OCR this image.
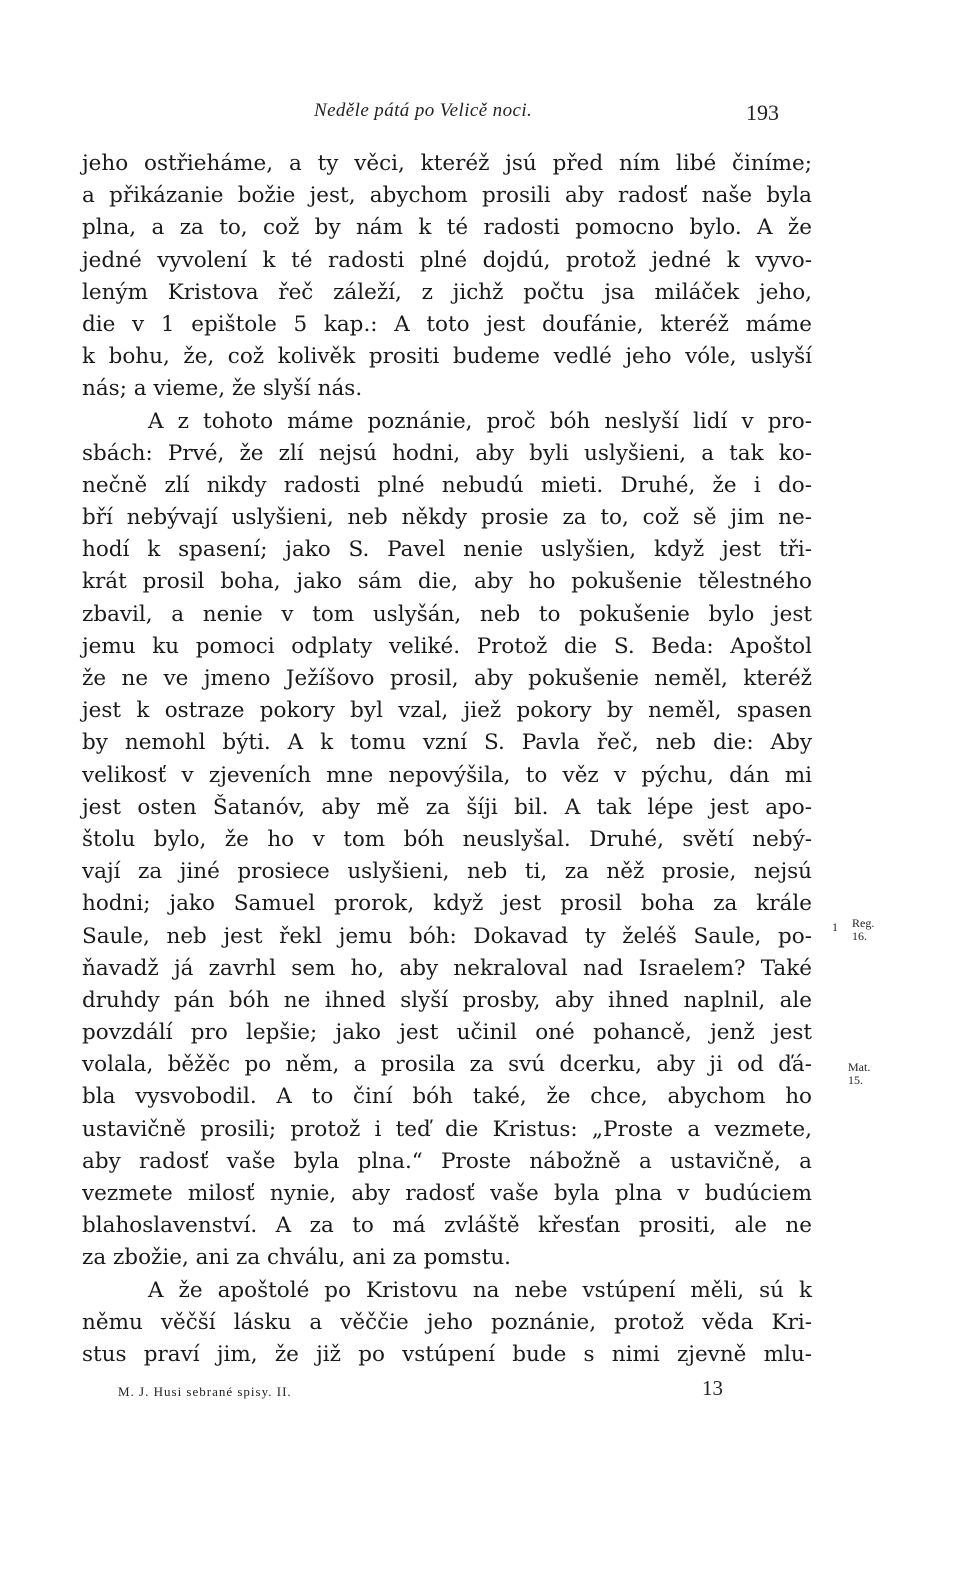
Neděle pátá po Velicě noci.	193
jeho ostřieháme, a ty věci, kteréž jsú před ním libé činíme;
a přikázanie božie jest, abychom prosili aby radosť naše byla
plna, a za to, což by nám k té radosti pomocno bylo. A že
jedné vyvolení k té radosti plné dojdú, protož jedné k vyvo-
leným Kristova řeč záleží, z jichž počtu jsa miláček jeho,
die v 1 epištole 5 kap.: A toto jest doufánie, kteréž máme
k bohu, že, což kolivěk prositi budeme vedlé jeho vóle, uslyší
nás; a vieme, že slyší nás.
A z tohoto máme poznánie, proč bóh neslyší lidí v pro-
sbách: Prvé, že zlí nejsú hodni, aby byli uslyšieni, a tak ko-
nečně zlí nikdy radosti plné nebudú mieti. Druhé, že i do-
bří nebývají uslyšieni, neb někdy prosie za to, což sě jim ne-
hodí k spasení; jako S. Pavel nenie uslyšien, když jest tři-
krát prosil boha, jako sám die, aby ho pokušenie tělestného
zbavil, a nenie v tom uslyšán, neb to pokušenie bylo jest
jemu ku pomoci odplaty veliké. Protož die S. Beda: Apoštol
že ne ve jmeno Ježíšovo prosil, aby pokušenie neměl, kteréž
jest k ostraze pokory byl vzal, jiež pokory by neměl, spasen
by nemohl býti. A k tomu vzní S. Pavla řeč, neb die: Aby
velikosť v zjeveních mne nepovýšila, to věz v pýchu, dán mi
jest osten Šatanóv, aby mě za šíji bil. A tak lépe jest apo-
štolu bylo, že ho v tom bóh neuslyšal. Druhé, světí nebý-
vají za jiné prosiece uslyšieni, neb ti, za něž prosie, nejsú
hodni; jako Samuel prorok, když jest prosil boha za krále
Saule, neb jest řekl jemu bóh: Dokavad ty želéš Saule, po-
ňavadž já zavrhl sem ho, aby nekraloval nad Israelem? Také
druhdy pán bóh ne ihned slyší prosby, aby ihned naplnil, ale
povzdálí pro lepšie; jako jest učinil oné pohancě, jenž jest
volala, běžěc po něm, a prosila za svú dcerku, aby ji od ďá-
bla vysvobodil. A to činí bóh také, že chce, abychom ho
ustavičně prosili; protož i teď die Kristus: „Proste a vezmete,
aby radosť vaše byla plna.“ Proste nábožně a ustavičně, a
vezmete milosť nynie, aby radosť vaše byla plna v budúciem
blahoslavenství. A za to má zvláště křesťan prositi, ale ne
za zbožie, ani za chválu, ani za pomstu.
A že apoštolé po Kristovu na nebe vstúpení měli, sú k
němu věčší lásku a věččie jeho poznánie, protož věda Kri-
stus praví jim, že již po vstúpení bude s nimi zjevně mlu-
1 Reg.
16.
Mat.
15.
M. J. Husi sebrané spisy. II.	13
